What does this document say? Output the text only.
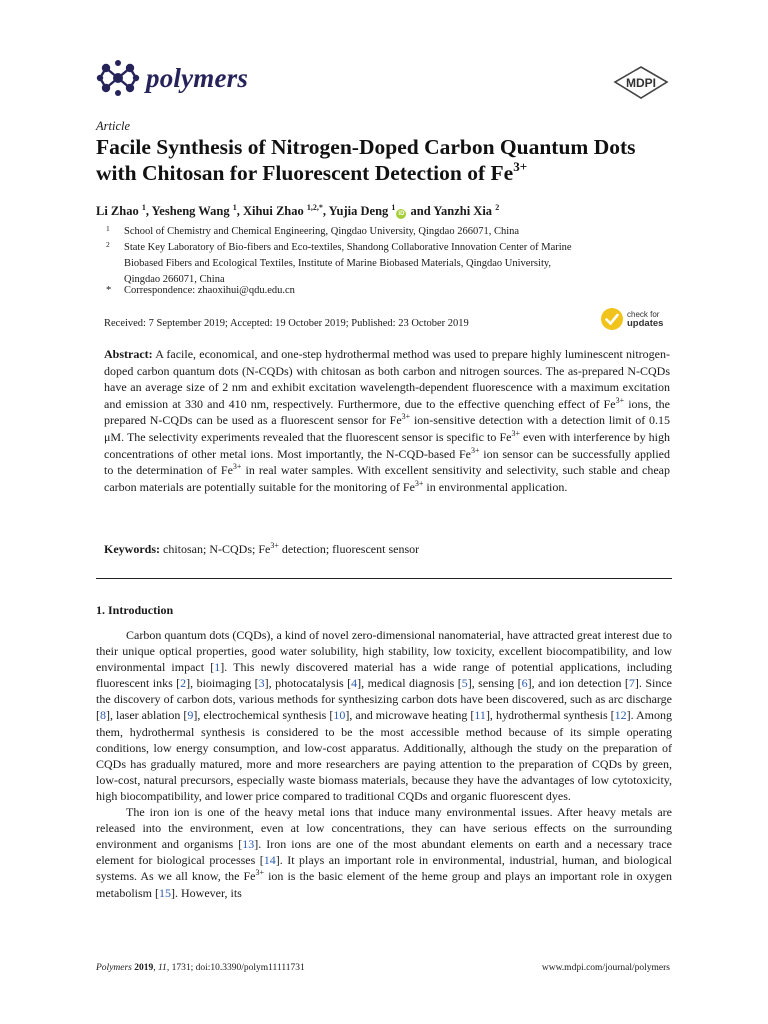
polymers	MDPI
Article
Facile Synthesis of Nitrogen-Doped Carbon Quantum Dots with Chitosan for Fluorescent Detection of $Fe^{3+}$
Li Zhao $^1$, Yesheng Wang $^1$, Xihui Zhao $^{1,2,*}$, Yujia Deng $^1$iD and Yanzhi Xia $^2$
1 School of Chemistry and Chemical Engineering, Qingdao University, Qingdao 266071, China
2 State Key Laboratory of Bio-fibers and Eco-textiles, Shandong Collaborative Innovation Center of Marine
Biobased Fibers and Ecological Textiles, Institute of Marine Biobased Materials, Qingdao University,
Qingdao 266071, China
* Correspondence: zhaoxihui@qdu.edu.cn
Received: 7 September 2019; Accepted: 19 October 2019; Published: 23 October 2019
check for
updates
Abstract: A facile, economical, and one-step hydrothermal method was used to prepare highly luminescent nitrogen-doped carbon quantum dots (N-CQDs) with chitosan as both carbon and nitrogen sources. The as-prepared N-CQDs have an average size of 2 nm and exhibit excitation wavelength-dependent fluorescence with a maximum excitation and emission at 330 and 410 nm, respectively. Furthermore, due to the effective quenching effect of $Fe^{3+}$ ions, the prepared N-CQDs can be used as a fluorescent sensor for $Fe^{3+}$ ion-sensitive detection with a detection limit of 0.15 μM. The selectivity experiments revealed that the fluorescent sensor is specific to $Fe^{3+}$ even with interference by high concentrations of other metal ions. Most importantly, the N-CQD-based $Fe^{3+}$ ion sensor can be successfully applied to the determination of $Fe^{3+}$ in real water samples. With excellent sensitivity and selectivity, such stable and cheap carbon materials are potentially suitable for the monitoring of $Fe^{3+}$ in environmental application.
Keywords: chitosan; N-CQDs; $Fe^{3+}$ detection; fluorescent sensor
1. Introduction

Carbon quantum dots (CQDs), a kind of novel zero-dimensional nanomaterial, have attracted great interest due to their unique optical properties, good water solubility, high stability, low toxicity, excellent biocompatibility, and low environmental impact [1]. This newly discovered material has a wide range of potential applications, including fluorescent inks [2], bioimaging [3], photocatalysis [4], medical diagnosis [5], sensing [6], and ion detection [7]. Since the discovery of carbon dots, various methods for synthesizing carbon dots have been discovered, such as arc discharge [8], laser ablation [9], electrochemical synthesis [10], and microwave heating [11], hydrothermal synthesis [12]. Among them, hydrothermal synthesis is considered to be the most accessible method because of its simple operating conditions, low energy consumption, and low-cost apparatus. Additionally, although the study on the preparation of CQDs has gradually matured, more and more researchers are paying attention to the preparation of CQDs by green, low-cost, natural precursors, especially waste biomass materials, because they have the advantages of low cytotoxicity, high biocompatibility, and lower price compared to traditional CQDs and organic fluorescent dyes.

The iron ion is one of the heavy metal ions that induce many environmental issues. After heavy metals are released into the environment, even at low concentrations, they can have serious effects on the surrounding environment and organisms [13]. Iron ions are one of the most abundant elements on earth and a necessary trace element for biological processes [14]. It plays an important role in environmental, industrial, human, and biological systems. As we all know, the $Fe^{3+}$ ion is the basic element of the heme group and plays an important role in oxygen metabolism [15]. However, its

Polymers 2019, 11, 1731; doi:10.3390/polym11111731	www.mdpi.com/journal/polymers
